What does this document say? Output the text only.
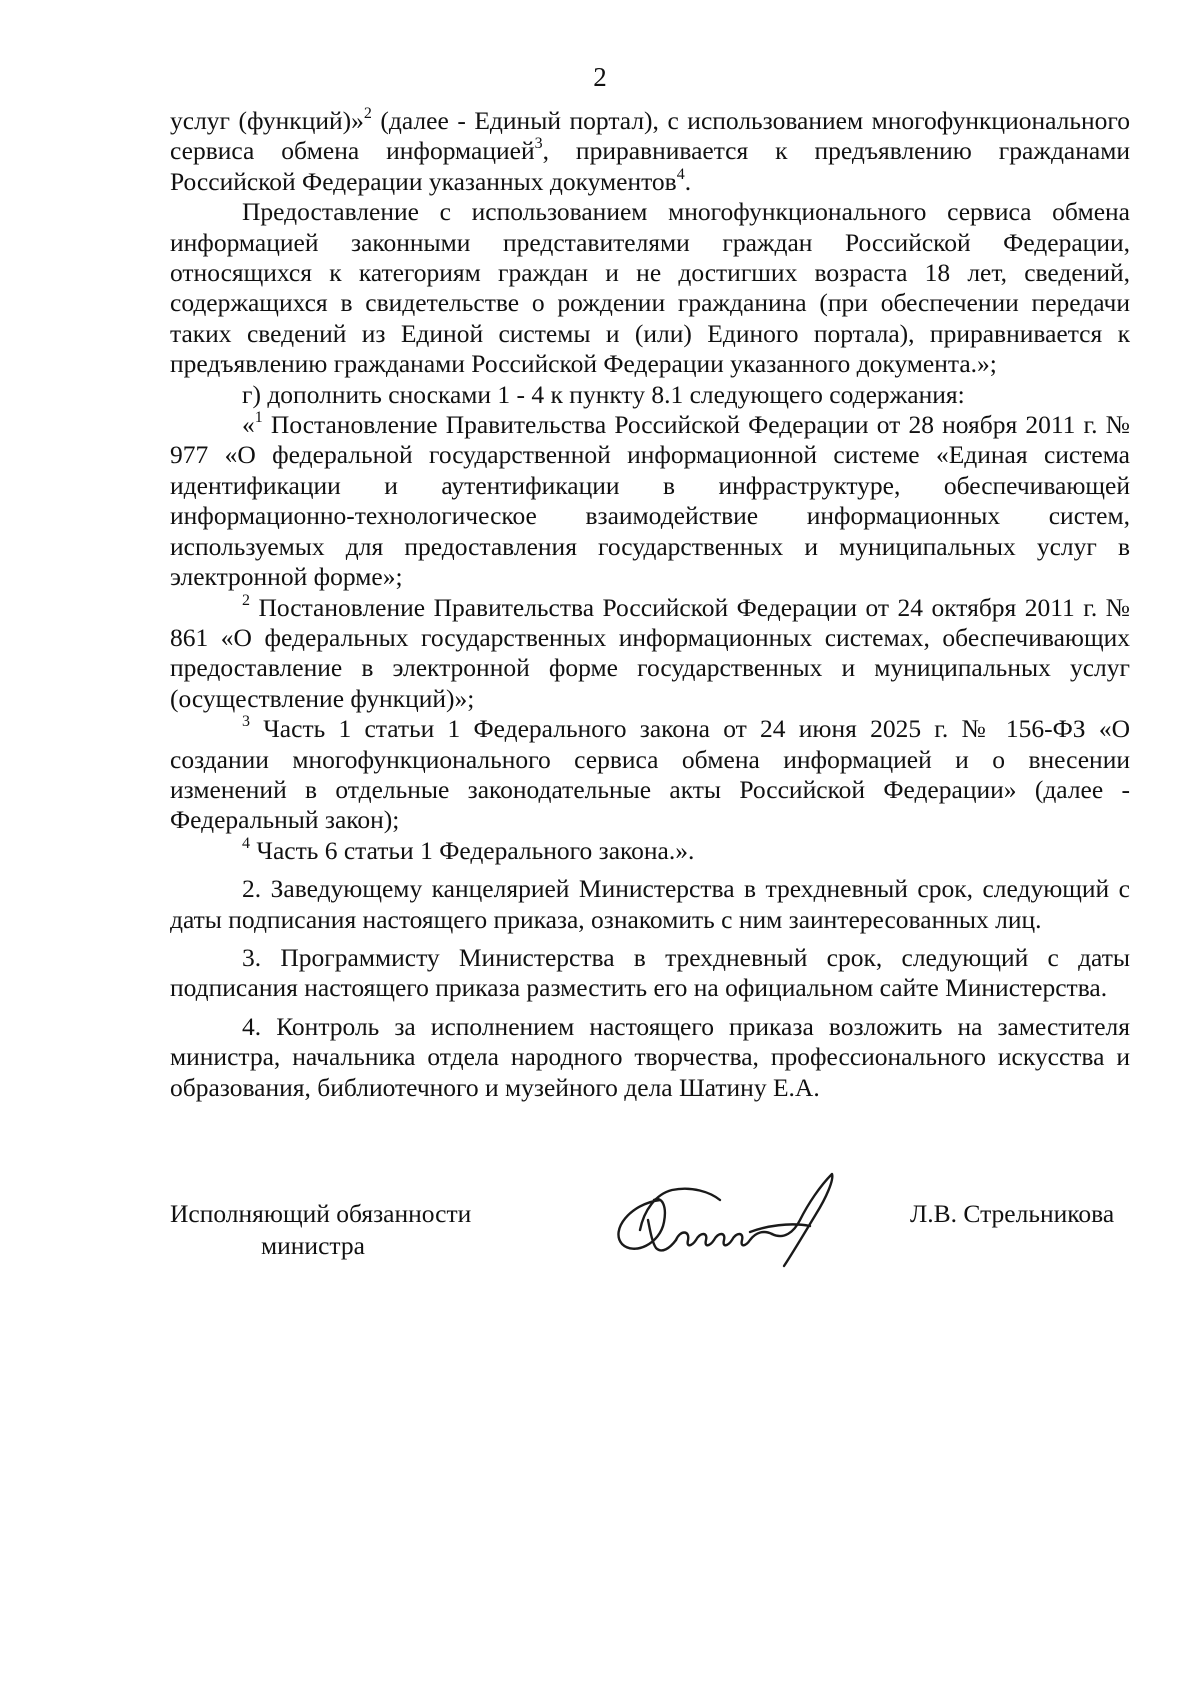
2

услуг (функций)»$^2$ (далее - Единый портал), с использованием многофункционального сервиса обмена информацией$^3$, приравнивается к предъявлению гражданами Российской Федерации указанных документов$^4$.

Предоставление с использованием многофункционального сервиса обмена информацией законными представителями граждан Российской Федерации, относящихся к категориям граждан и не достигших возраста 18 лет, сведений, содержащихся в свидетельстве о рождении гражданина (при обеспечении передачи таких сведений из Единой системы и (или) Единого портала), приравнивается к предъявлению гражданами Российской Федерации указанного документа.»;

г) дополнить сносками 1 - 4 к пункту 8.1 следующего содержания:

«$^1$ Постановление Правительства Российской Федерации от 28 ноября 2011 г. № 977 «О федеральной государственной информационной системе «Единая система идентификации и аутентификации в инфраструктуре, обеспечивающей информационно-технологическое взаимодействие информационных систем, используемых для предоставления государственных и муниципальных услуг в электронной форме»;

$^2$ Постановление Правительства Российской Федерации от 24 октября 2011 г. № 861 «О федеральных государственных информационных системах, обеспечивающих предоставление в электронной форме государственных и муниципальных услуг (осуществление функций)»;

$^3$ Часть 1 статьи 1 Федерального закона от 24 июня 2025 г. № 156-ФЗ «О создании многофункционального сервиса обмена информацией и о внесении изменений в отдельные законодательные акты Российской Федерации» (далее - Федеральный закон);

$^4$ Часть 6 статьи 1 Федерального закона.».

2. Заведующему канцелярией Министерства в трехдневный срок, следующий с даты подписания настоящего приказа, ознакомить с ним заинтересованных лиц.

3. Программисту Министерства в трехдневный срок, следующий с даты подписания настоящего приказа разместить его на официальном сайте Министерства.

4. Контроль за исполнением настоящего приказа возложить на заместителя министра, начальника отдела народного творчества, профессионального искусства и образования, библиотечного и музейного дела Шатину Е.А.

Исполняющий обязанности
министра
Л.В. Стрельникова
